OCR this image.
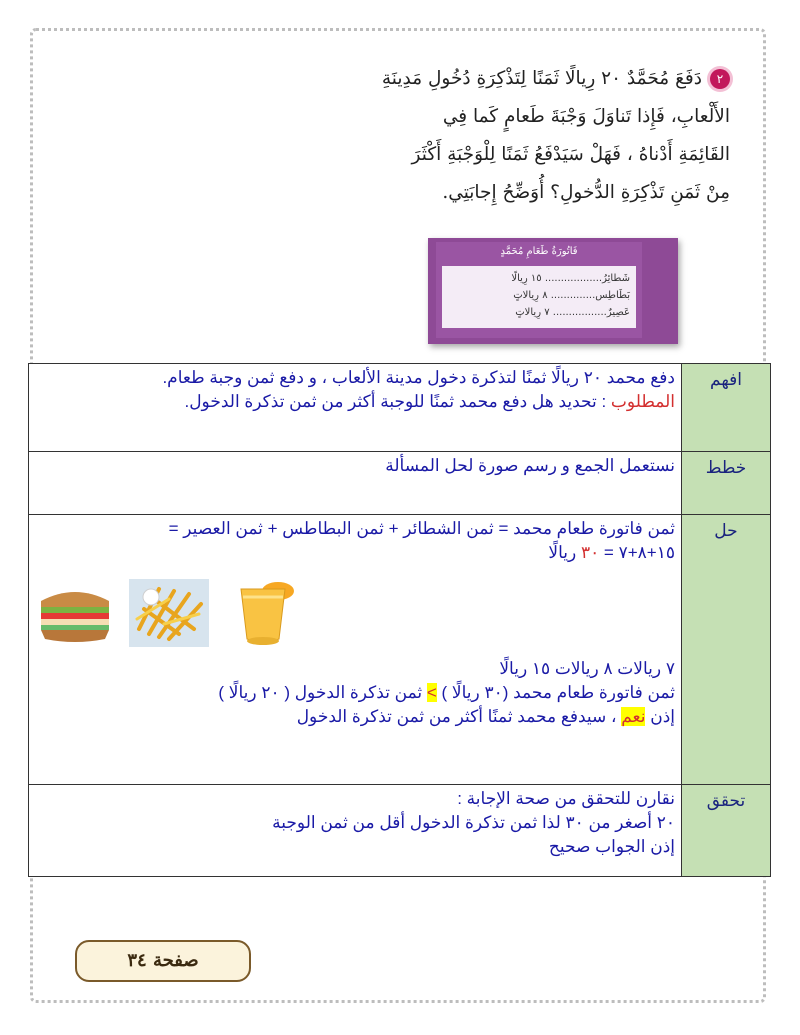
٢دَفَعَ مُحَمَّدٌ ٢٠ رِيالًا ثَمَنًا لِتَذْكِرَةِ دُخُولِ مَدِينَةِ
الأَلْعابِ، فَإِذا تَناوَلَ وَجْبَةَ طَعامٍ كَما فِي
القَائِمَةِ أَدْناهُ ، فَهَلْ سَيَدْفَعُ ثَمَنًا لِلْوَجْبَةِ أَكْثَرَ
مِنْ ثَمَنِ تَذْكِرَةِ الدُّخولِ؟ أُوَضِّحُ إِجابَتِي.
فَاتُورَةُ طَعَامِ مُحَمَّدٍ
شَطائِرُ.................. ١٥ رِيالًا
بَطَاطِس.............. ٨ رِيالاتٍ
عَصِيرٌ................. ٧ رِيالاتٍ
افهم	دفع محمد ٢٠ ريالًا ثمنًا لتذكرة دخول مدينة الألعاب ، و دفع ثمن وجبة طعام.
المطلوب : تحديد هل دفع محمد ثمنًا للوجبة أكثر من ثمن تذكرة الدخول.

خطط	نستعمل الجمع و رسم صورة لحل المسألة
حل	ثمن فاتورة طعام محمد = ثمن الشطائر + ثمن البطاطس + ثمن العصير =
١٥+٨+٧ = ٣٠ ريالًا
٧ ريالات ٨ ريالات ١٥ ريالًا
ثمن فاتورة طعام محمد (٣٠ ريالًا ) > ثمن تذكرة الدخول ( ٢٠ ريالًا )
إذن نعم ، سيدفع محمد ثمنًا أكثر من ثمن تذكرة الدخول

تحقق	نقارن للتحقق من صحة الإجابة :
٢٠ أصغر من ٣٠ لذا ثمن تذكرة الدخول أقل من ثمن الوجبة
إذن الجواب صحيح
صفحة ٣٤
